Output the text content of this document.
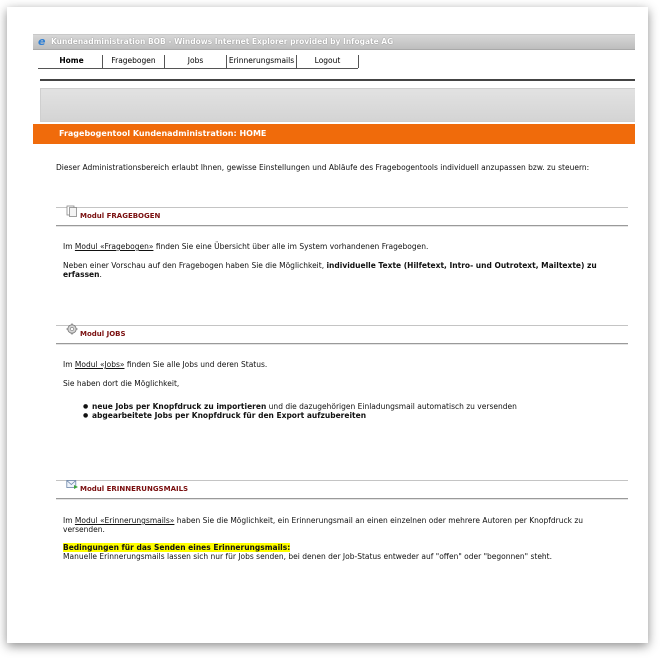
e Kundenadministration BOB - Windows Internet Explorer provided by Infogate AG
Home	Fragebogen	Jobs	Erinnerungsmails	Logout
Fragebogentool Kundenadministration: HOME
Dieser Administrationsbereich erlaubt Ihnen, gewisse Einstellungen und Abläufe des Fragebogentools individuell anzupassen bzw. zu steuern:
Modul FRAGEBOGEN
Im Modul «Fragebogen» finden Sie eine Übersicht über alle im System vorhandenen Fragebogen.
Neben einer Vorschau auf den Fragebogen haben Sie die Möglichkeit, individuelle Texte (Hilfetext, Intro- und Outrotext, Mailtexte) zu erfassen.
Modul JOBS
Im Modul «Jobs» finden Sie alle Jobs und deren Status.
Sie haben dort die Möglichkeit,
● neue Jobs per Knopfdruck zu importieren und die dazugehörigen Einladungsmail automatisch zu versenden
● abgearbeitete Jobs per Knopfdruck für den Export aufzubereiten
Modul ERINNERUNGSMAILS
Im Modul «Erinnerungsmails» haben Sie die Möglichkeit, ein Erinnerungsmail an einen einzelnen oder mehrere Autoren per Knopfdruck zu versenden.
Bedingungen für das Senden eines Erinnerungsmails:
Manuelle Erinnerungsmails lassen sich nur für Jobs senden, bei denen der Job-Status entweder auf "offen" oder "begonnen" steht.
